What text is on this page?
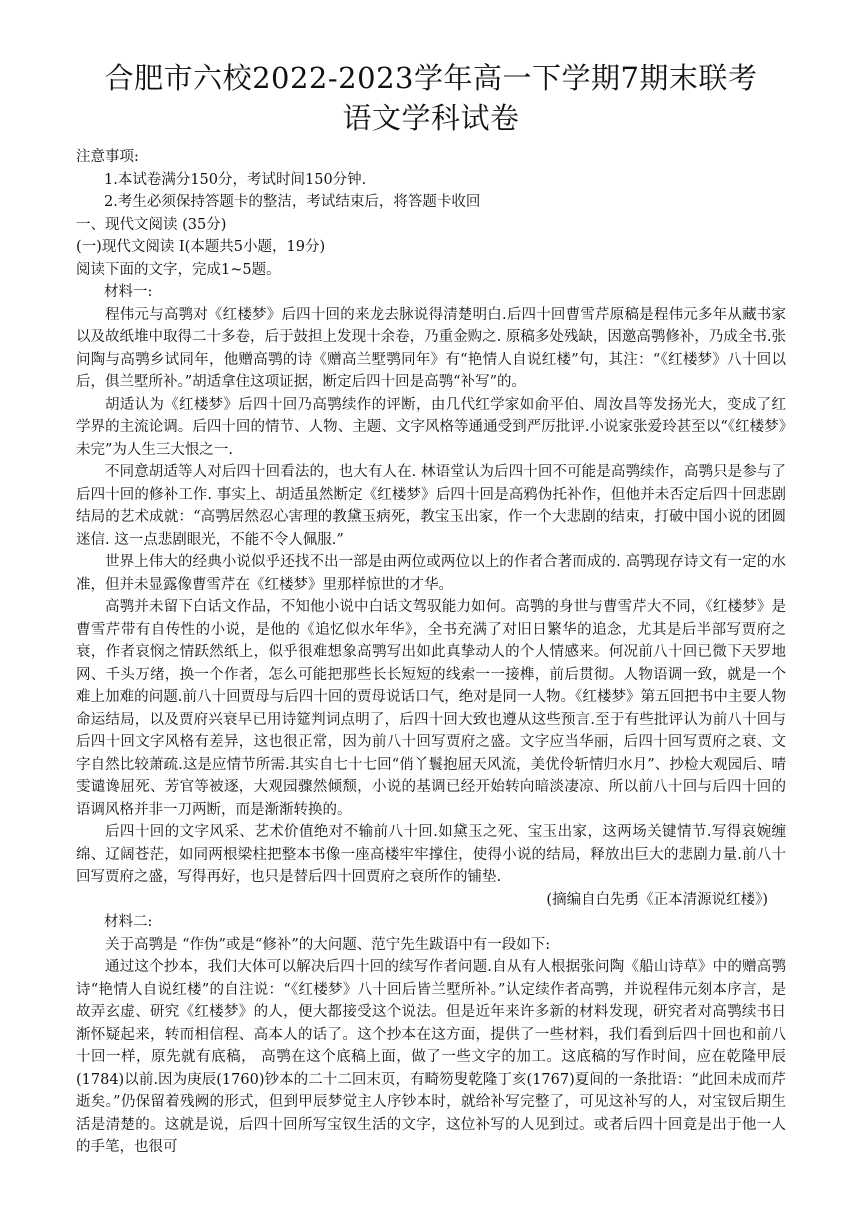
合肥市六校2022-2023学年高一下学期7期末联考
语文学科试卷
注意事项:
1.本试卷满分150分，考试时间150分钟.
2.考生必须保持答题卡的整洁，考试结束后，将答题卡收回
一、现代文阅读 (35分)
(一)现代文阅读 Ⅰ(本题共5小题，19分)
阅读下面的文字，完成1~5题。
材料一:

程伟元与高鹗对《红楼梦》后四十回的来龙去脉说得清楚明白.后四十回曹雪芹原稿是程伟元多年从藏书家以及故纸堆中取得二十多卷，后于鼓担上发现十余卷，乃重金购之. 原稿多处残缺，因邀高鹗修补，乃成全书.张问陶与高鹗乡试同年，他赠高鹗的诗《赠高兰墅鹗同年》有“艳情人自说红楼”句，其注：“《红楼梦》八十回以后，俱兰墅所补。”胡适拿住这项证据，断定后四十回是高鹗“补写”的。

胡适认为《红楼梦》后四十回乃高鹗续作的评断，由几代红学家如俞平伯、周汝昌等发扬光大，变成了红学界的主流论调。后四十回的情节、人物、主题、文字风格等通通受到严厉批评.小说家张爱玲甚至以“《红楼梦》未完”为人生三大恨之一.

不同意胡适等人对后四十回看法的，也大有人在. 林语堂认为后四十回不可能是高鹗续作，高鹗只是参与了后四十回的修补工作. 事实上、胡适虽然断定《红楼梦》后四十回是高鸦伪托补作，但他并未否定后四十回悲剧结局的艺术成就：“高鹗居然忍心害理的教黛玉病死，教宝玉出家，作一个大悲剧的结束，打破中国小说的团圆迷信. 这一点悲剧眼光，不能不令人佩服.”

世界上伟大的经典小说似乎还找不出一部是由两位或两位以上的作者合著而成的. 高鹗现存诗文有一定的水准，但并未显露像曹雪芹在《红楼梦》里那样惊世的才华。

高鹗并未留下白话文作品，不知他小说中白话文驾驭能力如何。高鹗的身世与曹雪芹大不同，《红楼梦》是曹雪芹带有自传性的小说，是他的《追忆似水年华》，全书充满了对旧日繁华的追念，尤其是后半部写贾府之衰，作者哀悯之情跃然纸上，似乎很难想象高鹗写出如此真挚动人的个人情感来。何况前八十回已微下天罗地网、千头万绪，换一个作者，怎么可能把那些长长短短的线索一一接榫，前后贯彻。人物语调一致，就是一个难上加难的问题.前八十回贾母与后四十回的贾母说话口气，绝对是同一人物。《红楼梦》第五回把书中主要人物命运结局，以及贾府兴衰早已用诗筵判词点明了，后四十回大致也遵从这些预言.至于有些批评认为前八十回与后四十回文字风格有差异，这也很正常，因为前八十回写贾府之盛。文字应当华丽，后四十回写贾府之衰、文字自然比较萧疏.这是应情节所需.其实自七十七回“俏丫鬟抱屈天风流，美优伶斩情归水月”、抄检大观园后、晴雯谴谗屈死、芳官等被逐，大观园骤然倾颓，小说的基调已经开始转向暗淡凄凉、所以前八十回与后四十回的语调风格并非一刀两断，而是渐渐转换的。

后四十回的文字风采、艺术价值绝对不输前八十回.如黛玉之死、宝玉出家，这两场关键情节.写得哀婉缠绵、辽阔苍茫，如同两根梁柱把整本书像一座高楼牢牢撑住，使得小说的结局，释放出巨大的悲剧力量.前八十回写贾府之盛，写得再好，也只是替后四十回贾府之衰所作的铺垫.

(摘编自白先勇《正本清源说红楼》)
材料二:

关于高鹗是 “作伪”或是“修补”的大问题、范宁先生跋语中有一段如下:

通过这个抄本，我们大体可以解决后四十回的续写作者问题.自从有人根据张问陶《船山诗草》中的赠高鹗诗“艳情人自说红楼”的自注说：“《红楼梦》八十回后皆兰墅所补。”认定续作者高鹗，并说程伟元刻本序言，是故弄玄虚、研究《红楼梦》的人，便大都接受这个说法。但是近年来许多新的材料发现，研究者对高鹗续书日渐怀疑起来，转而相信程、高本人的话了。这个抄本在这方面，提供了一些材料，我们看到后四十回也和前八十回一样，原先就有底稿， 高鹗在这个底稿上面，做了一些文字的加工。这底稿的写作时间，应在乾隆甲辰(1784)以前.因为庚辰(1760)钞本的二十二回末页，有畸笏叟乾隆丁亥(1767)夏间的一条批语：“此回未成而芹逝矣。”仍保留着残阙的形式，但到甲辰梦觉主人序钞本时，就给补写完整了，可见这补写的人，对宝钗后期生活是清楚的。这就是说，后四十回所写宝钗生活的文字，这位补写的人见到过。或者后四十回竟是出于他一人的手笔，也很可
